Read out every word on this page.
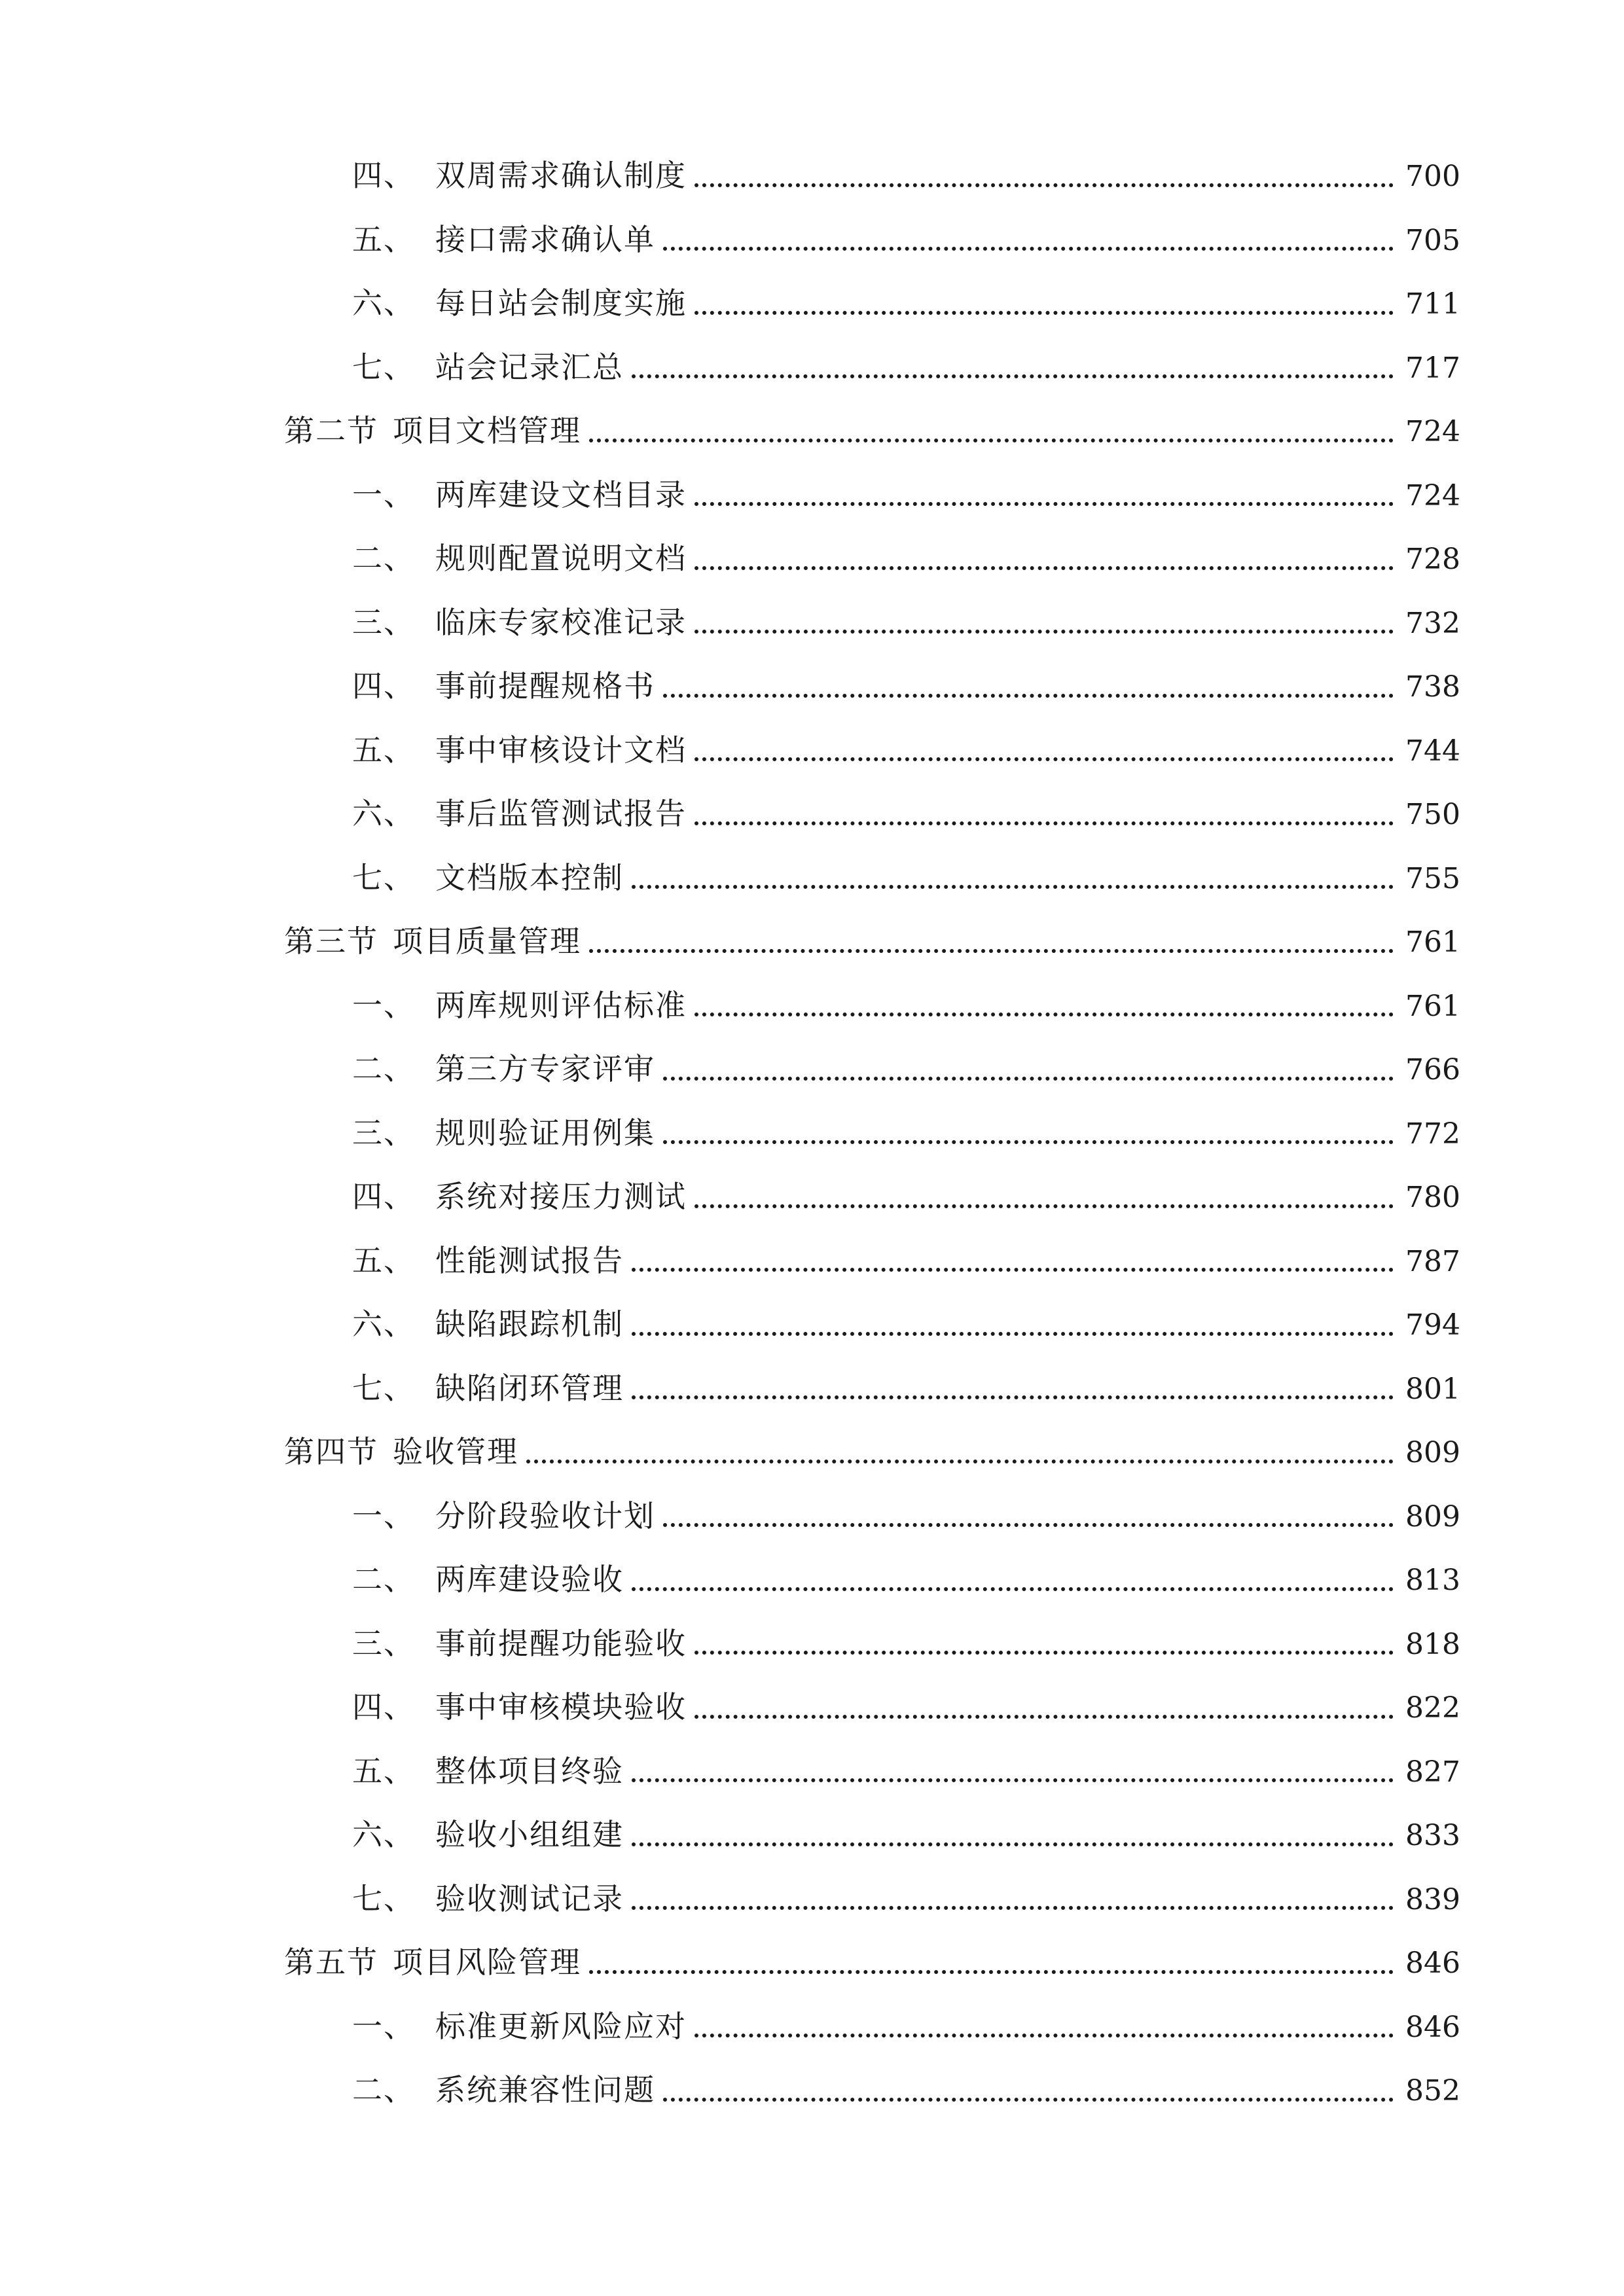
四、 双周需求确认制度	700
五、 接口需求确认单	705
六、 每日站会制度实施	711
七、 站会记录汇总	717
第二节 项目文档管理	724
一、 两库建设文档目录	724
二、 规则配置说明文档	728
三、 临床专家校准记录	732
四、 事前提醒规格书	738
五、 事中审核设计文档	744
六、 事后监管测试报告	750
七、 文档版本控制	755
第三节 项目质量管理	761
一、 两库规则评估标准	761
二、 第三方专家评审	766
三、 规则验证用例集	772
四、 系统对接压力测试	780
五、 性能测试报告	787
六、 缺陷跟踪机制	794
七、 缺陷闭环管理	801
第四节 验收管理	809
一、 分阶段验收计划	809
二、 两库建设验收	813
三、 事前提醒功能验收	818
四、 事中审核模块验收	822
五、 整体项目终验	827
六、 验收小组组建	833
七、 验收测试记录	839
第五节 项目风险管理	846
一、 标准更新风险应对	846
二、 系统兼容性问题	852
